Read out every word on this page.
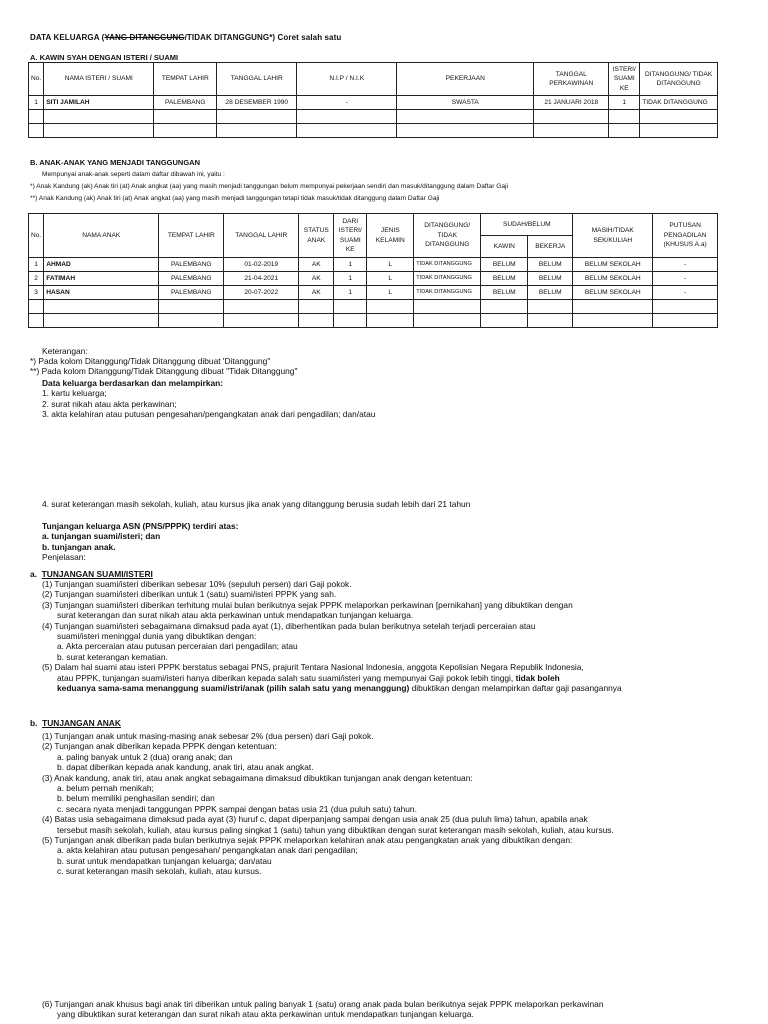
DATA KELUARGA (YANG DITANGGUNG/TIDAK DITANGGUNG*) Coret salah satu
A. KAWIN SYAH DENGAN ISTERI / SUAMI
No.	NAMA ISTERI / SUAMI	TEMPAT LAHIR	TANGGAL LAHIR	N.I.P / N.I.K	PEKERJAAN	TANGGAL PERKAWINAN	ISTERI/ SUAMI KE	DITANGGUNG/ TIDAK DITANGGUNG
1	SITI JAMILAH	PALEMBANG	28 DESEMBER 1990	-	SWASTA	21 JANUARI 2018	1	TIDAK DITANGGUNG

B. ANAK-ANAK YANG MENJADI TANGGUNGAN
Mempunyai anak-anak seperti dalam daftar dibawah ini, yaitu :
*) Anak Kandung (ak) Anak tiri (at) Anak angkat (aa) yang masih menjadi tanggungan belum mempunyai pekerjaan sendiri dan masuk/ditanggung dalam Daftar Gaji
**) Anak Kandung (ak) Anak tiri (at) Anak angkat (aa) yang masih menjadi tanggungan tetapi tidak masuk/tidak ditanggung dalam Daftar Gaji
No.	NAMA ANAK	TEMPAT LAHIR	TANGGAL LAHIR	STATUS ANAK	DARI ISTERI/ SUAMI KE	JENIS KELAMIN	DITANGGUNG/ TIDAK DITANGGUNG	SUDAH/BELUM		MASIH/TIDAK SEK/KULIAH	PUTUSAN PENGADILAN (KHUSUS A.a)
								KAWIN	BEKERJA		
1	AHMAD	PALEMBANG	01-02-2019	AK	1	L	TIDAK DITANGGUNG	BELUM	BELUM	BELUM SEKOLAH	-
2	FATIMAH	PALEMBANG	21-04-2021	AK	1	L	TIDAK DITANGGUNG	BELUM	BELUM	BELUM SEKOLAH	-
3	HASAN	PALEMBANG	20-07-2022	AK	1	L	TIDAK DITANGGUNG	BELUM	BELUM	BELUM SEKOLAH	-

Keterangan:

*) Pada kolom Ditanggung/Tidak Ditanggung dibuat 'Ditanggung"

**) Pada kolom Ditanggung/Tidak Ditanggung dibuat "Tidak Ditanggung"

Data keluarga berdasarkan dan melampirkan:

1. kartu keluarga;

2. surat nikah atau akta perkawinan;

3. akta kelahiran atau putusan pengesahan/pengangkatan anak dari pengadilan; dan/atau

4. surat keterangan masih sekolah, kuliah, atau kursus jika anak yang ditanggung berusia sudah lebih dari 21 tahun

Tunjangan keluarga ASN (PNS/PPPK) terdiri atas:

a. tunjangan suami/isteri; dan

b. tunjangan anak.

Penjelasan:

a. TUNJANGAN SUAMI/ISTERI

(1) Tunjangan suami/isteri diberikan sebesar 10% (sepuluh persen) dari Gaji pokok.

(2) Tunjangan suami/isteri diberikan untuk 1 (satu) suami/isteri PPPK yang sah.

(3) Tunjangan suami/isteri diberikan terhitung mulai bulan berikutnya sejak PPPK melaporkan perkawinan [pernikahan] yang dibuktikan dengan

surat keterangan dan surat nikah atau akta perkawinan untuk mendapatkan tunjangan keluarga.

(4) Tunjangan suami/isteri sebagaimana dimaksud pada ayat (1), diberhentikan pada bulan berikutnya setelah terjadi perceraian atau

suami/isteri meninggal dunia yang dibuktikan dengan:

a. Akta perceraian atau putusan perceraian dari pengadilan; atau

b. surat keterangan kematian.

(5) Dalam hal suami atau isteri PPPK berstatus sebagai PNS, prajurit Tentara Nasional Indonesia, anggota Kepolisian Negara Republik Indonesia,

atau PPPK, tunjangan suami/isteri hanya diberikan kepada salah satu suami/isteri yang mempunyai Gaji pokok lebih tinggi, tidak boleh

keduanya sama-sama menanggung suami/istri/anak (pilih salah satu yang menanggung) dibuktikan dengan melampirkan daftar gaji pasangannya

b. TUNJANGAN ANAK

(1) Tunjangan anak untuk masing-masing anak sebesar 2% (dua persen) dari Gaji pokok.

(2) Tunjangan anak diberikan kepada PPPK dengan ketentuan:

a. paling banyak untuk 2 (dua) orang anak; dan

b. dapat diberikan kepada anak kandung, anak tiri, atau anak angkat.

(3) Anak kandung, anak tiri, atau anak angkat sebagaimana dimaksud dibuktikan tunjangan anak dengan ketentuan:

a. belum pernah menikah;

b. belum memiliki penghasilan sendiri; dan

c. secara nyata menjadi tanggungan PPPK sampai dengan batas usia 21 (dua puluh satu) tahun.

(4) Batas usia sebagaimana dimaksud pada ayat (3) huruf c, dapat diperpanjang sampai dengan usia anak 25 (dua puluh lima) tahun, apabila anak

tersebut masih sekolah, kuliah, atau kursus paling singkat 1 (satu) tahun yang dibuktikan dengan surat keterangan masih sekolah, kuliah, atau kursus.

(5) Tunjangan anak diberikan pada bulan berikutnya sejak PPPK melaporkan kelahiran anak atau pengangkatan anak yang dibuktikan dengan:

a. akta kelahiran atau putusan pengesahan/ pengangkatan anak dari pengadilan;

b. surat untuk mendapatkan tunjangan keluarga; dan/atau

c. surat keterangan masih sekolah, kuliah, atau kursus.

(6) Tunjangan anak khusus bagi anak tiri diberikan untuk paling banyak 1 (satu) orang anak pada bulan berikutnya sejak PPPK melaporkan perkawinan

yang dibuktikan surat keterangan dan surat nikah atau akta perkawinan untuk mendapatkan tunjangan keluarga.
